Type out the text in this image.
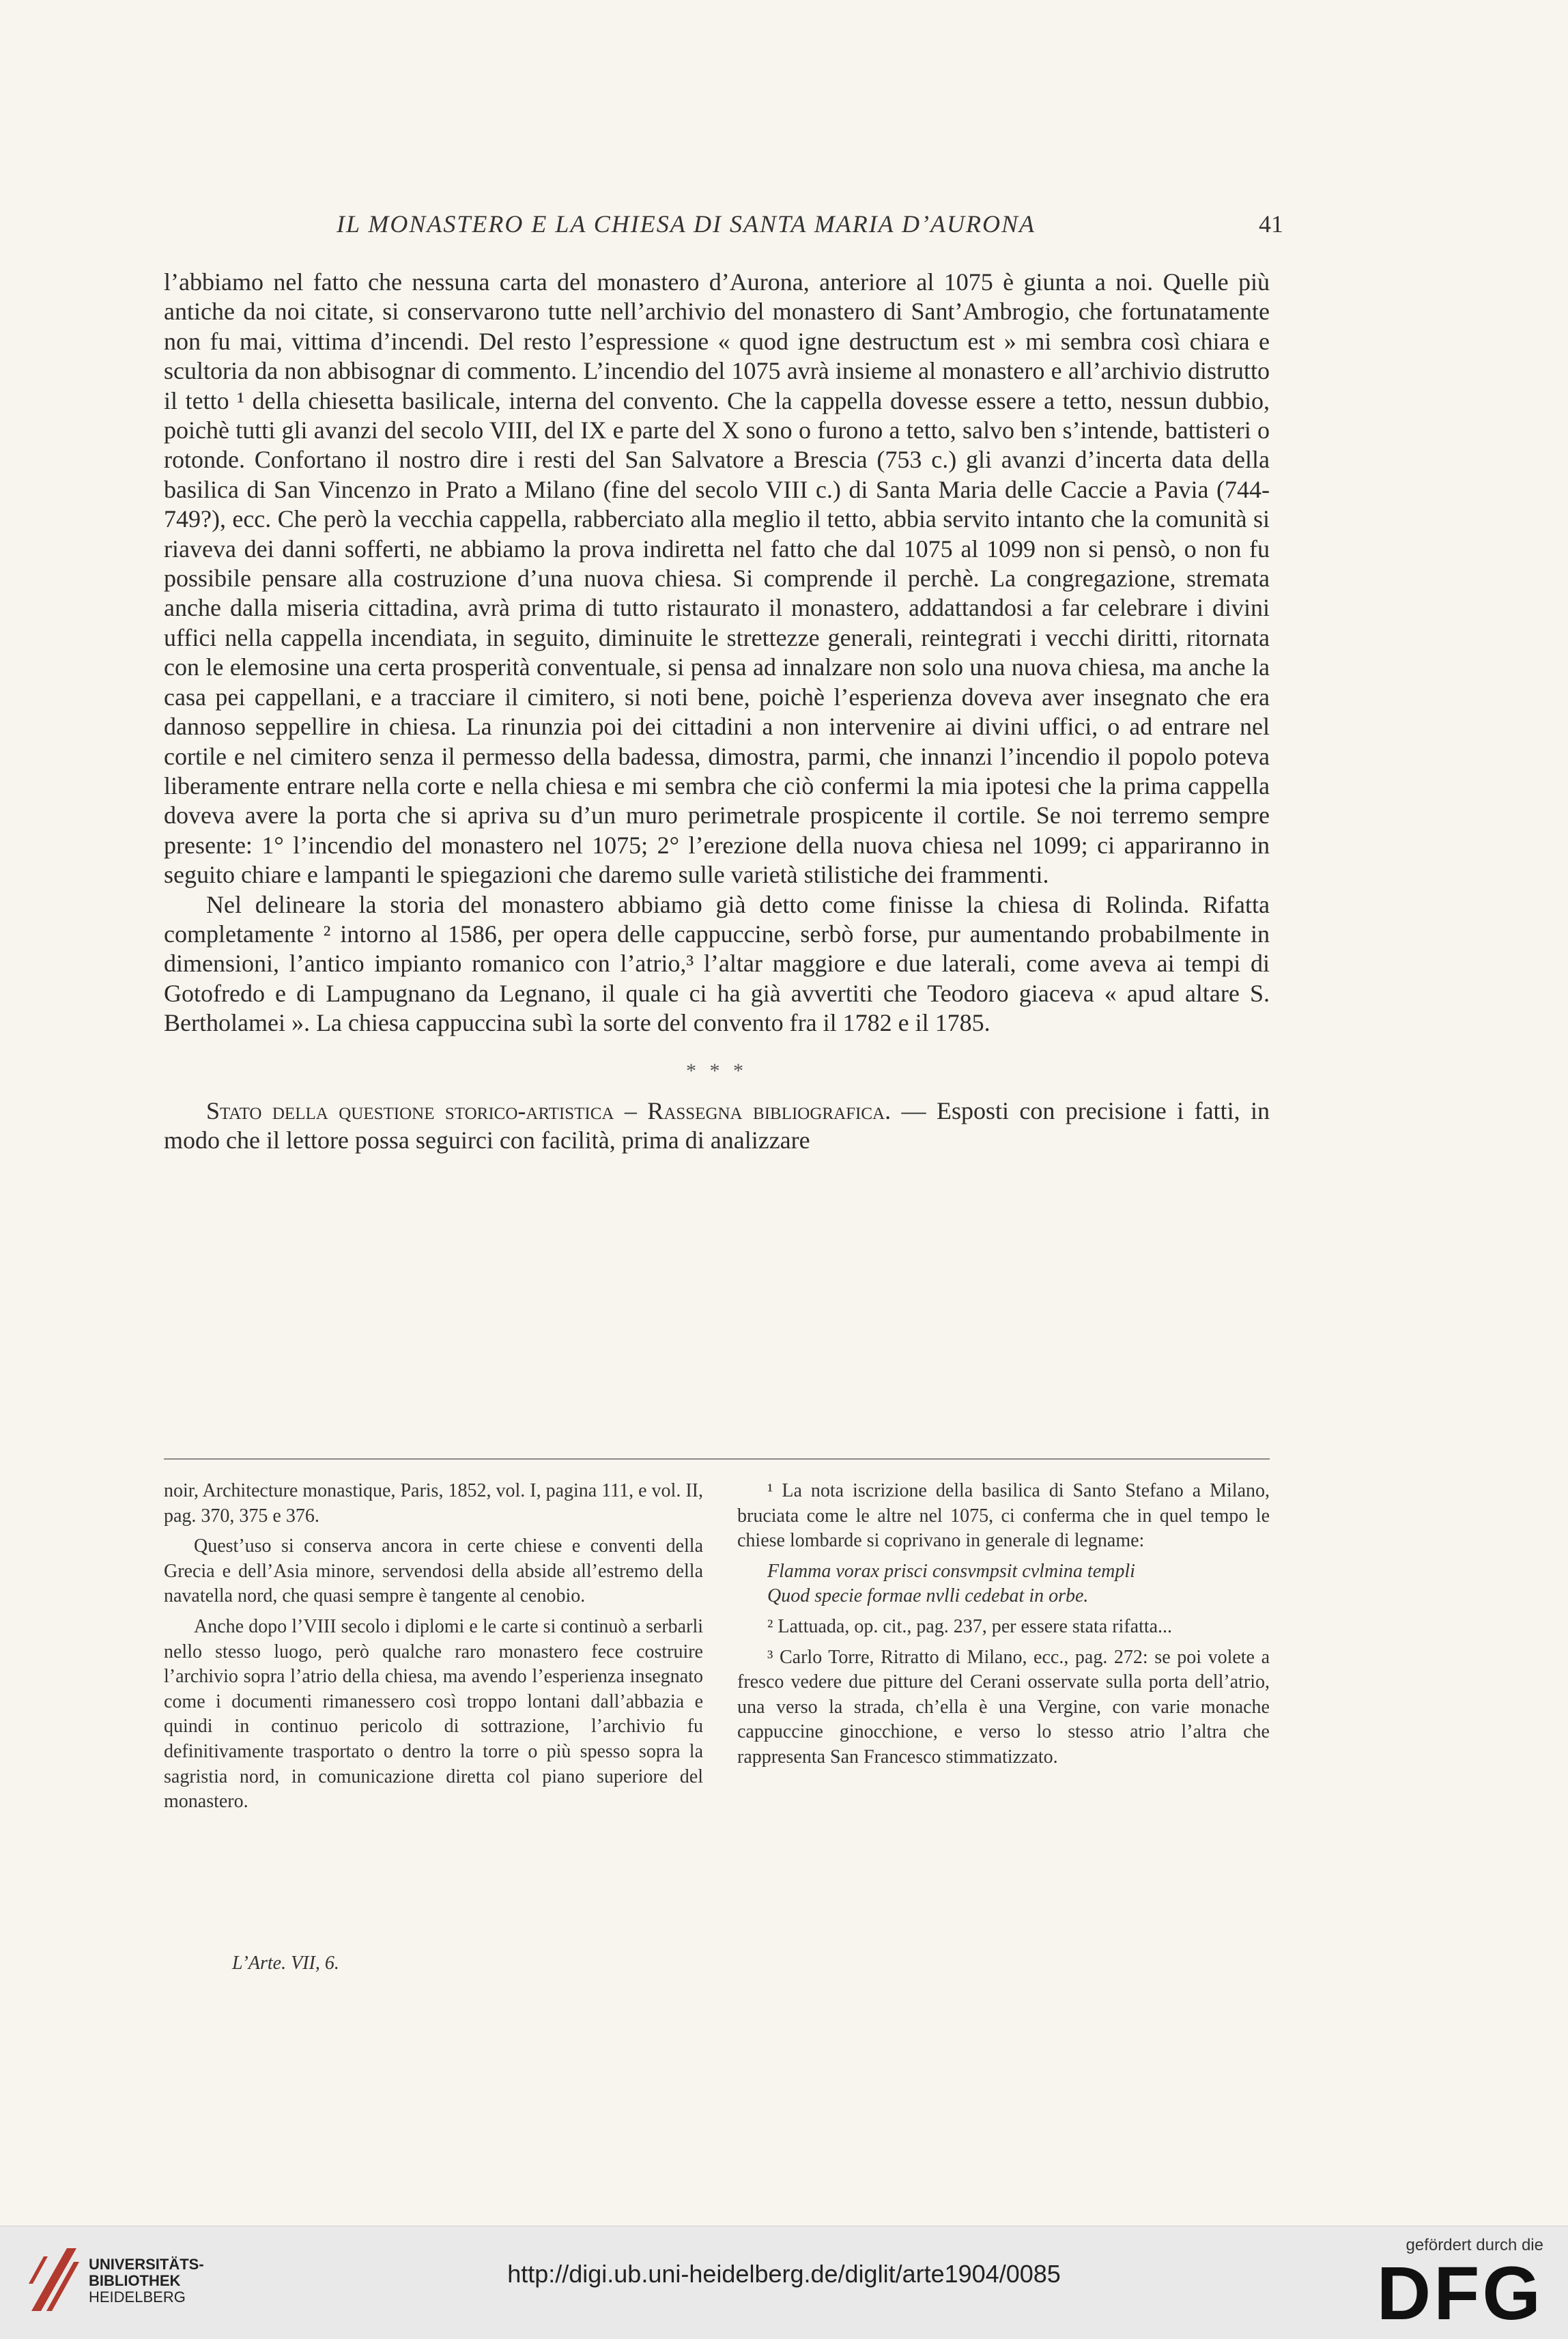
IL MONASTERO E LA CHIESA DI SANTA MARIA D’AURONA	41

l’abbiamo nel fatto che nessuna carta del monastero d’Aurona, anteriore al 1075 è giunta a noi. Quelle più antiche da noi citate, si conservarono tutte nell’archivio del monastero di Sant’Ambrogio, che fortunatamente non fu mai, vittima d’incendi. Del resto l’espressione « quod igne destructum est » mi sembra così chiara e scultoria da non abbisognar di commento. L’incendio del 1075 avrà insieme al monastero e all’archivio distrutto il tetto ¹ della chiesetta basilicale, interna del convento. Che la cappella dovesse essere a tetto, nessun dubbio, poichè tutti gli avanzi del secolo VIII, del IX e parte del X sono o furono a tetto, salvo ben s’intende, battisteri o rotonde. Confortano il nostro dire i resti del San Salvatore a Brescia (753 c.) gli avanzi d’incerta data della basilica di San Vincenzo in Prato a Milano (fine del secolo VIII c.) di Santa Maria delle Caccie a Pavia (744-749?), ecc. Che però la vecchia cappella, rabberciato alla meglio il tetto, abbia servito intanto che la comunità si riaveva dei danni sofferti, ne abbiamo la prova indiretta nel fatto che dal 1075 al 1099 non si pensò, o non fu possibile pensare alla costruzione d’una nuova chiesa. Si comprende il perchè. La congregazione, stremata anche dalla miseria cittadina, avrà prima di tutto ristaurato il monastero, addattandosi a far celebrare i divini uffici nella cappella incendiata, in seguito, diminuite le strettezze generali, reintegrati i vecchi diritti, ritornata con le elemosine una certa prosperità conventuale, si pensa ad innalzare non solo una nuova chiesa, ma anche la casa pei cappellani, e a tracciare il cimitero, si noti bene, poichè l’esperienza doveva aver insegnato che era dannoso seppellire in chiesa. La rinunzia poi dei cittadini a non intervenire ai divini uffici, o ad entrare nel cortile e nel cimitero senza il permesso della badessa, dimostra, parmi, che innanzi l’incendio il popolo poteva liberamente entrare nella corte e nella chiesa e mi sembra che ciò confermi la mia ipotesi che la prima cappella doveva avere la porta che si apriva su d’un muro perimetrale prospicente il cortile. Se noi terremo sempre presente: 1° l’incendio del monastero nel 1075; 2° l’erezione della nuova chiesa nel 1099; ci appariranno in seguito chiare e lampanti le spiegazioni che daremo sulle varietà stilistiche dei frammenti.

Nel delineare la storia del monastero abbiamo già detto come finisse la chiesa di Rolinda. Rifatta completamente ² intorno al 1586, per opera delle cappuccine, serbò forse, pur aumentando probabilmente in dimensioni, l’antico impianto romanico con l’atrio,³ l’altar maggiore e due laterali, come aveva ai tempi di Gotofredo e di Lampugnano da Legnano, il quale ci ha già avvertiti che Teodoro giaceva « apud altare S. Bertholamei ». La chiesa cappuccina subì la sorte del convento fra il 1782 e il 1785.

* * *

Stato della questione storico-artistica – Rassegna bibliografica. — Esposti con precisione i fatti, in modo che il lettore possa seguirci con facilità, prima di analizzare

noir, Architecture monastique, Paris, 1852, vol. I, pagina 111, e vol. II, pag. 370, 375 e 376.

Quest’uso si conserva ancora in certe chiese e conventi della Grecia e dell’Asia minore, servendosi della abside all’estremo della navatella nord, che quasi sempre è tangente al cenobio.

Anche dopo l’VIII secolo i diplomi e le carte si continuò a serbarli nello stesso luogo, però qualche raro monastero fece costruire l’archivio sopra l’atrio della chiesa, ma avendo l’esperienza insegnato come i documenti rimanessero così troppo lontani dall’abbazia e quindi in continuo pericolo di sottrazione, l’archivio fu definitivamente trasportato o dentro la torre o più spesso sopra la sagristia nord, in comunicazione diretta col piano superiore del monastero.

¹ La nota iscrizione della basilica di Santo Stefano a Milano, bruciata come le altre nel 1075, ci conferma che in quel tempo le chiese lombarde si coprivano in generale di legname:

Flamma vorax prisci consvmpsit cvlmina templi

Quod specie formae nvlli cedebat in orbe.

² Lattuada, op. cit., pag. 237, per essere stata rifatta...

³ Carlo Torre, Ritratto di Milano, ecc., pag. 272: se poi volete a fresco vedere due pitture del Cerani osservate sulla porta dell’atrio, una verso la strada, ch’ella è una Vergine, con varie monache cappuccine ginocchione, e verso lo stesso atrio l’altra che rappresenta San Francesco stimmatizzato.

L’Arte. VII, 6.
UNIVERSITÄTS-
BIBLIOTHEK
HEIDELBERG
http://digi.ub.uni-heidelberg.de/diglit/arte1904/0085
gefördert durch die
DFG
